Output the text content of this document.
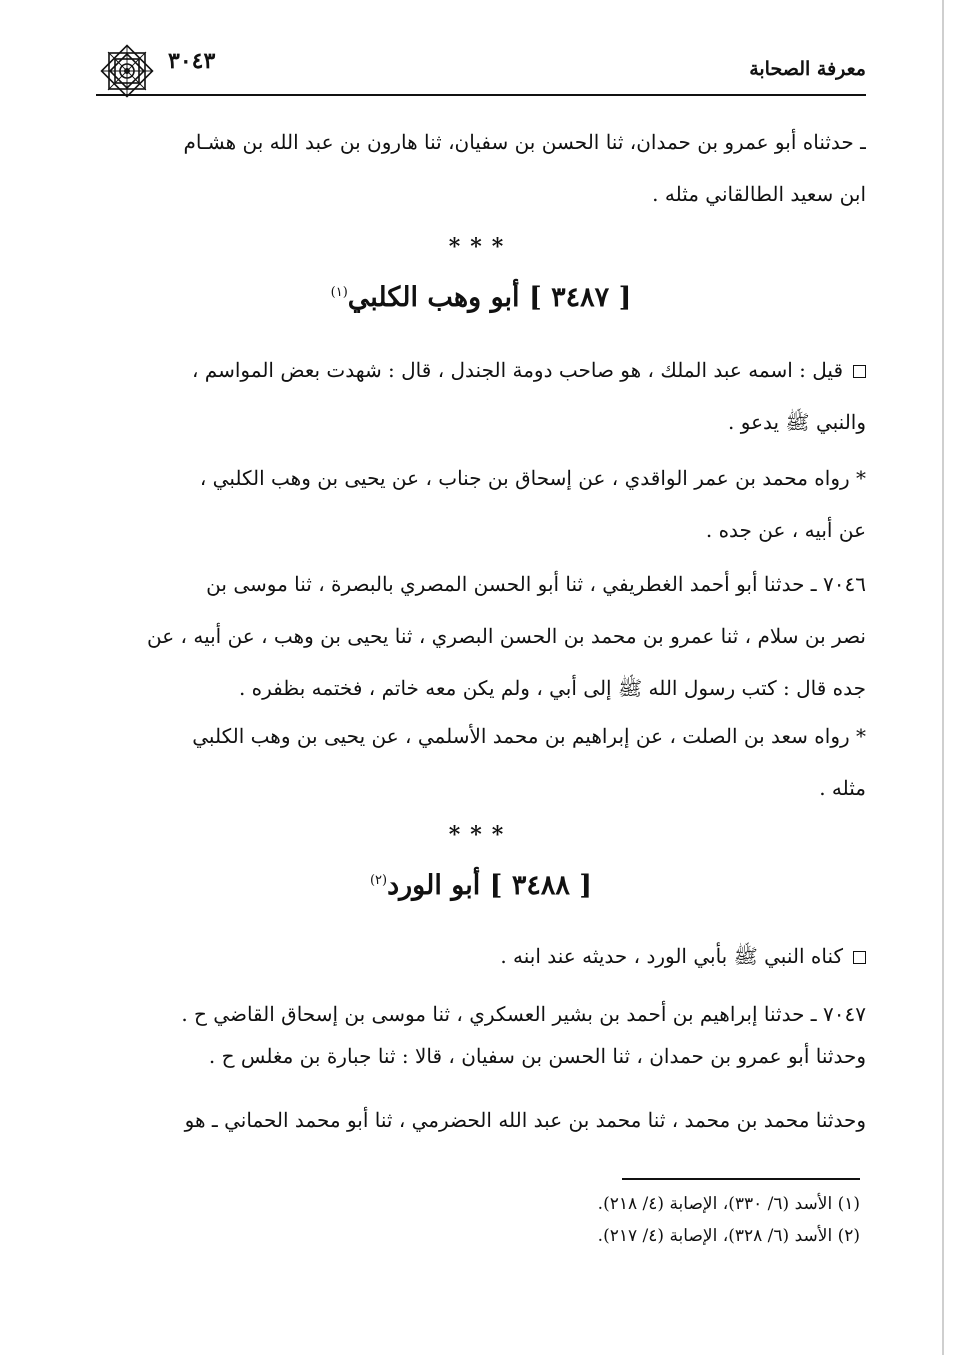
معرفة الصحابة
٣٠٤٣
ـ حدثناه أبو عمرو بن حمدان، ثنا الحسن بن سفيان، ثنا هارون بن عبد الله بن هشـام
ابن سعيد الطالقاني مثله .
***
[ ٣٤٨٧ ] أبو وهب الكلبي$^{(١)}$
قيل : اسمه عبد الملك ، هو صاحب دومة الجندل ، قال : شهدت بعض المواسم ،
والنبي ﷺ يدعو .
* رواه محمد بن عمر الواقدي ، عن إسحاق بن جناب ، عن يحيى بن وهب الكلبي ،
عن أبيه ، عن جده .
٧٠٤٦ ـ حدثنا أبو أحمد الغطريفي ، ثنا أبو الحسن المصري بالبصرة ، ثنا موسى بن
نصر بن سلام ، ثنا عمرو بن محمد بن الحسن البصري ، ثنا يحيى بن وهب ، عن أبيه ، عن
جده قال : كتب رسول الله ﷺ إلى أبي ، ولم يكن معه خاتم ، فختمه بظفره .
* رواه سعد بن الصلت ، عن إبراهيم بن محمد الأسلمي ، عن يحيى بن وهب الكلبي
مثله .
***
[ ٣٤٨٨ ] أبو الورد$^{(٢)}$
كناه النبي ﷺ بأبي الورد ، حديثه عند ابنه .
٧٠٤٧ ـ حدثنا إبراهيم بن أحمد بن بشير العسكري ، ثنا موسى بن إسحاق القاضي ح .
وحدثنا أبو عمرو بن حمدان ، ثنا الحسن بن سفيان ، قالا : ثنا جبارة بن مغلس ح .
وحدثنا محمد بن محمد ، ثنا محمد بن عبد الله الحضرمي ، ثنا أبو محمد الحماني ـ هو
(١) الأسد (٦/ ٣٣٠)، الإصابة (٤/ ٢١٨).
(٢) الأسد (٦/ ٣٢٨)، الإصابة (٤/ ٢١٧).
